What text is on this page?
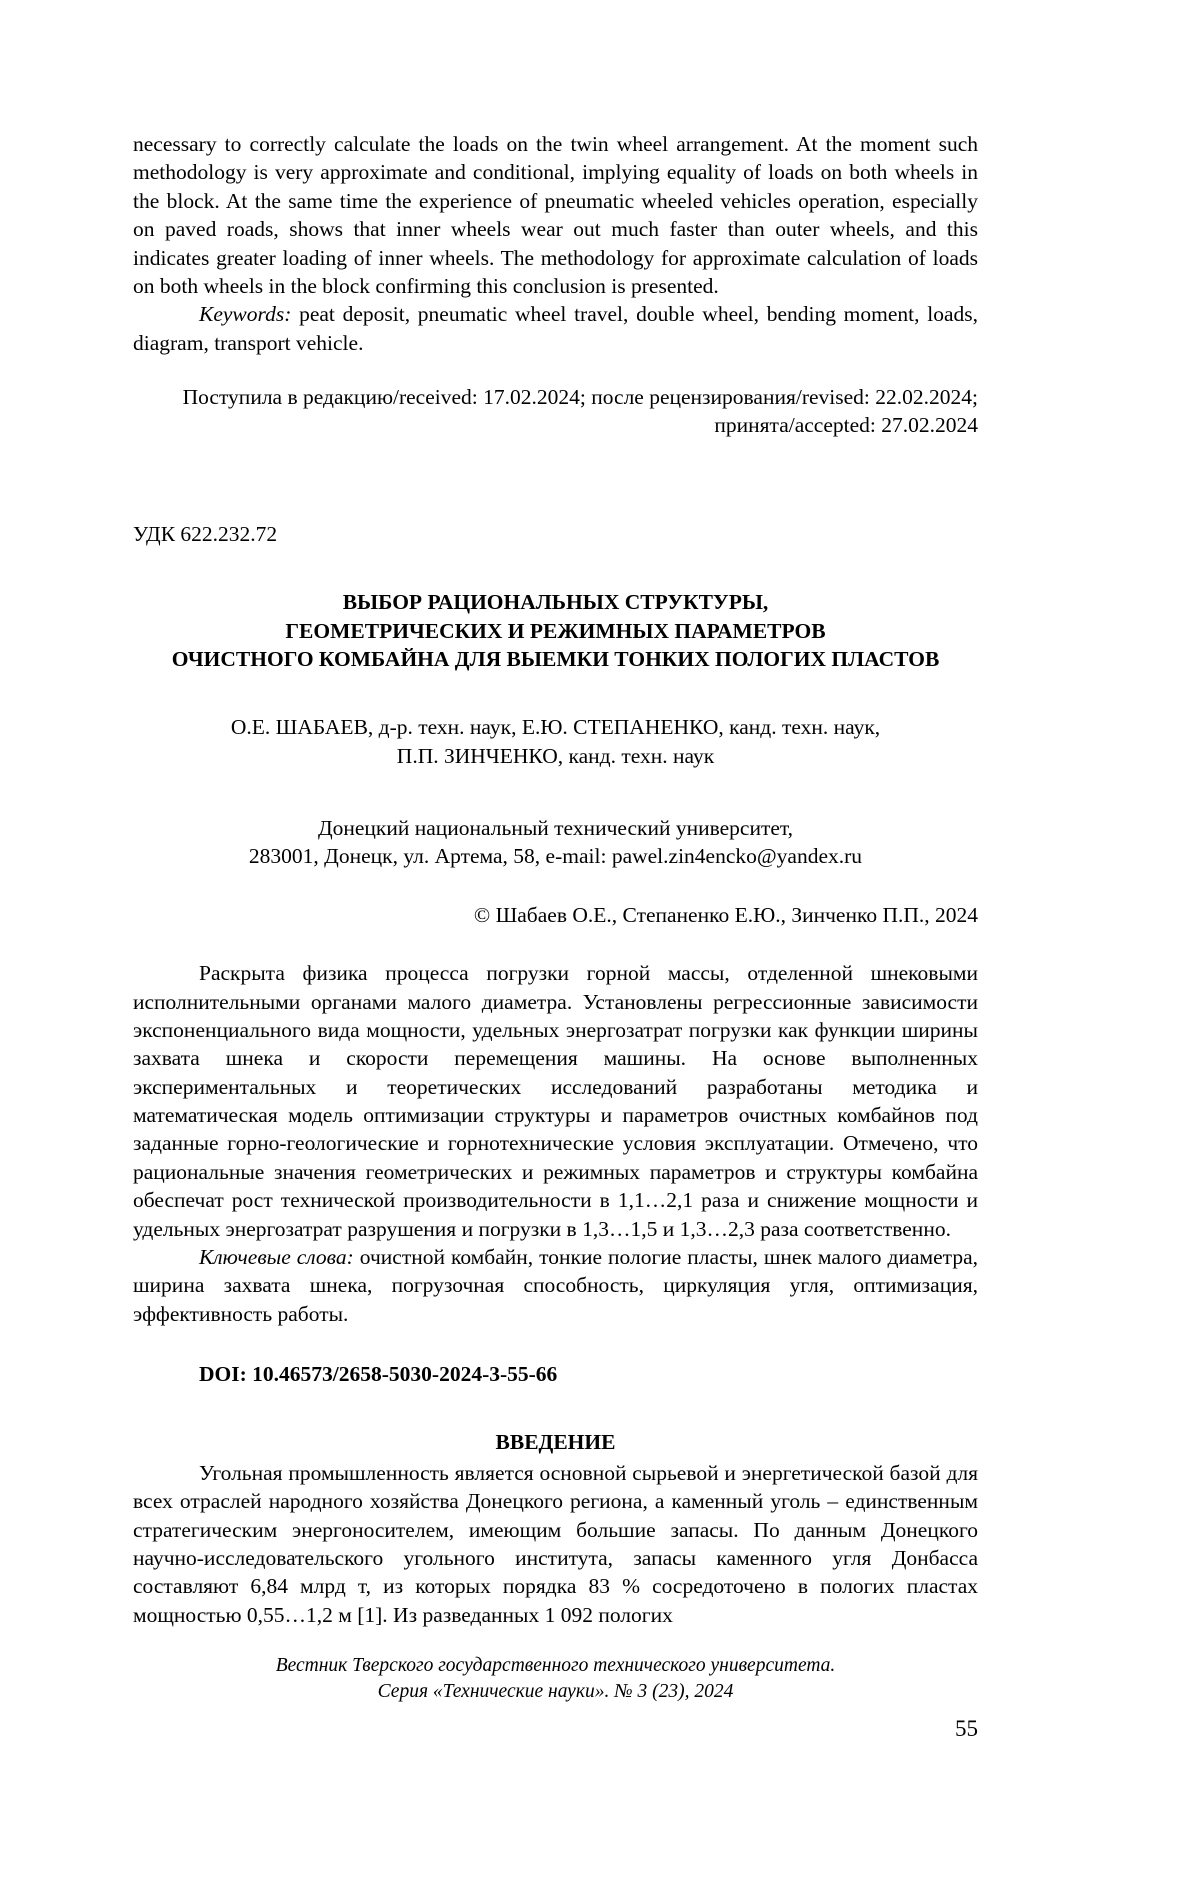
necessary to correctly calculate the loads on the twin wheel arrangement. At the moment such methodology is very approximate and conditional, implying equality of loads on both wheels in the block. At the same time the experience of pneumatic wheeled vehicles operation, especially on paved roads, shows that inner wheels wear out much faster than outer wheels, and this indicates greater loading of inner wheels. The methodology for approximate calculation of loads on both wheels in the block confirming this conclusion is presented.

Keywords: peat deposit, pneumatic wheel travel, double wheel, bending moment, loads, diagram, transport vehicle.

Поступила в редакцию/received: 17.02.2024; после рецензирования/revised: 22.02.2024;
принята/accepted: 27.02.2024

УДК 622.232.72

ВЫБОР РАЦИОНАЛЬНЫХ СТРУКТУРЫ,
ГЕОМЕТРИЧЕСКИХ И РЕЖИМНЫХ ПАРАМЕТРОВ
ОЧИСТНОГО КОМБАЙНА ДЛЯ ВЫЕМКИ ТОНКИХ ПОЛОГИХ ПЛАСТОВ
О.Е. ШАБАЕВ, д-р. техн. наук, Е.Ю. СТЕПАНЕНКО, канд. техн. наук,
П.П. ЗИНЧЕНКО, канд. техн. наук
Донецкий национальный технический университет,
283001, Донецк, ул. Артема, 58, e-mail: pawel.zin4encko@yandex.ru

© Шабаев О.Е., Степаненко Е.Ю., Зинченко П.П., 2024

Раскрыта физика процесса погрузки горной массы, отделенной шнековыми исполнительными органами малого диаметра. Установлены регрессионные зависимости экспоненциального вида мощности, удельных энергозатрат погрузки как функции ширины захвата шнека и скорости перемещения машины. На основе выполненных экспериментальных и теоретических исследований разработаны методика и математическая модель оптимизации структуры и параметров очистных комбайнов под заданные горно-геологические и горнотехнические условия эксплуатации. Отмечено, что рациональные значения геометрических и режимных параметров и структуры комбайна обеспечат рост технической производительности в 1,1…2,1 раза и снижение мощности и удельных энергозатрат разрушения и погрузки в 1,3…1,5 и 1,3…2,3 раза соответственно.

Ключевые слова: очистной комбайн, тонкие пологие пласты, шнек малого диаметра, ширина захвата шнека, погрузочная способность, циркуляция угля, оптимизация, эффективность работы.

DOI: 10.46573/2658-5030-2024-3-55-66

ВВЕДЕНИЕ

Угольная промышленность является основной сырьевой и энергетической базой для всех отраслей народного хозяйства Донецкого региона, а каменный уголь – единственным стратегическим энергоносителем, имеющим большие запасы. По данным Донецкого научно-исследовательского угольного института, запасы каменного угля Донбасса составляют 6,84 млрд т, из которых порядка 83 % сосредоточено в пологих пластах мощностью 0,55…1,2 м [1]. Из разведанных 1 092 пологих

Вестник Тверского государственного технического университета.
Серия «Технические науки». № 3 (23), 2024
55
